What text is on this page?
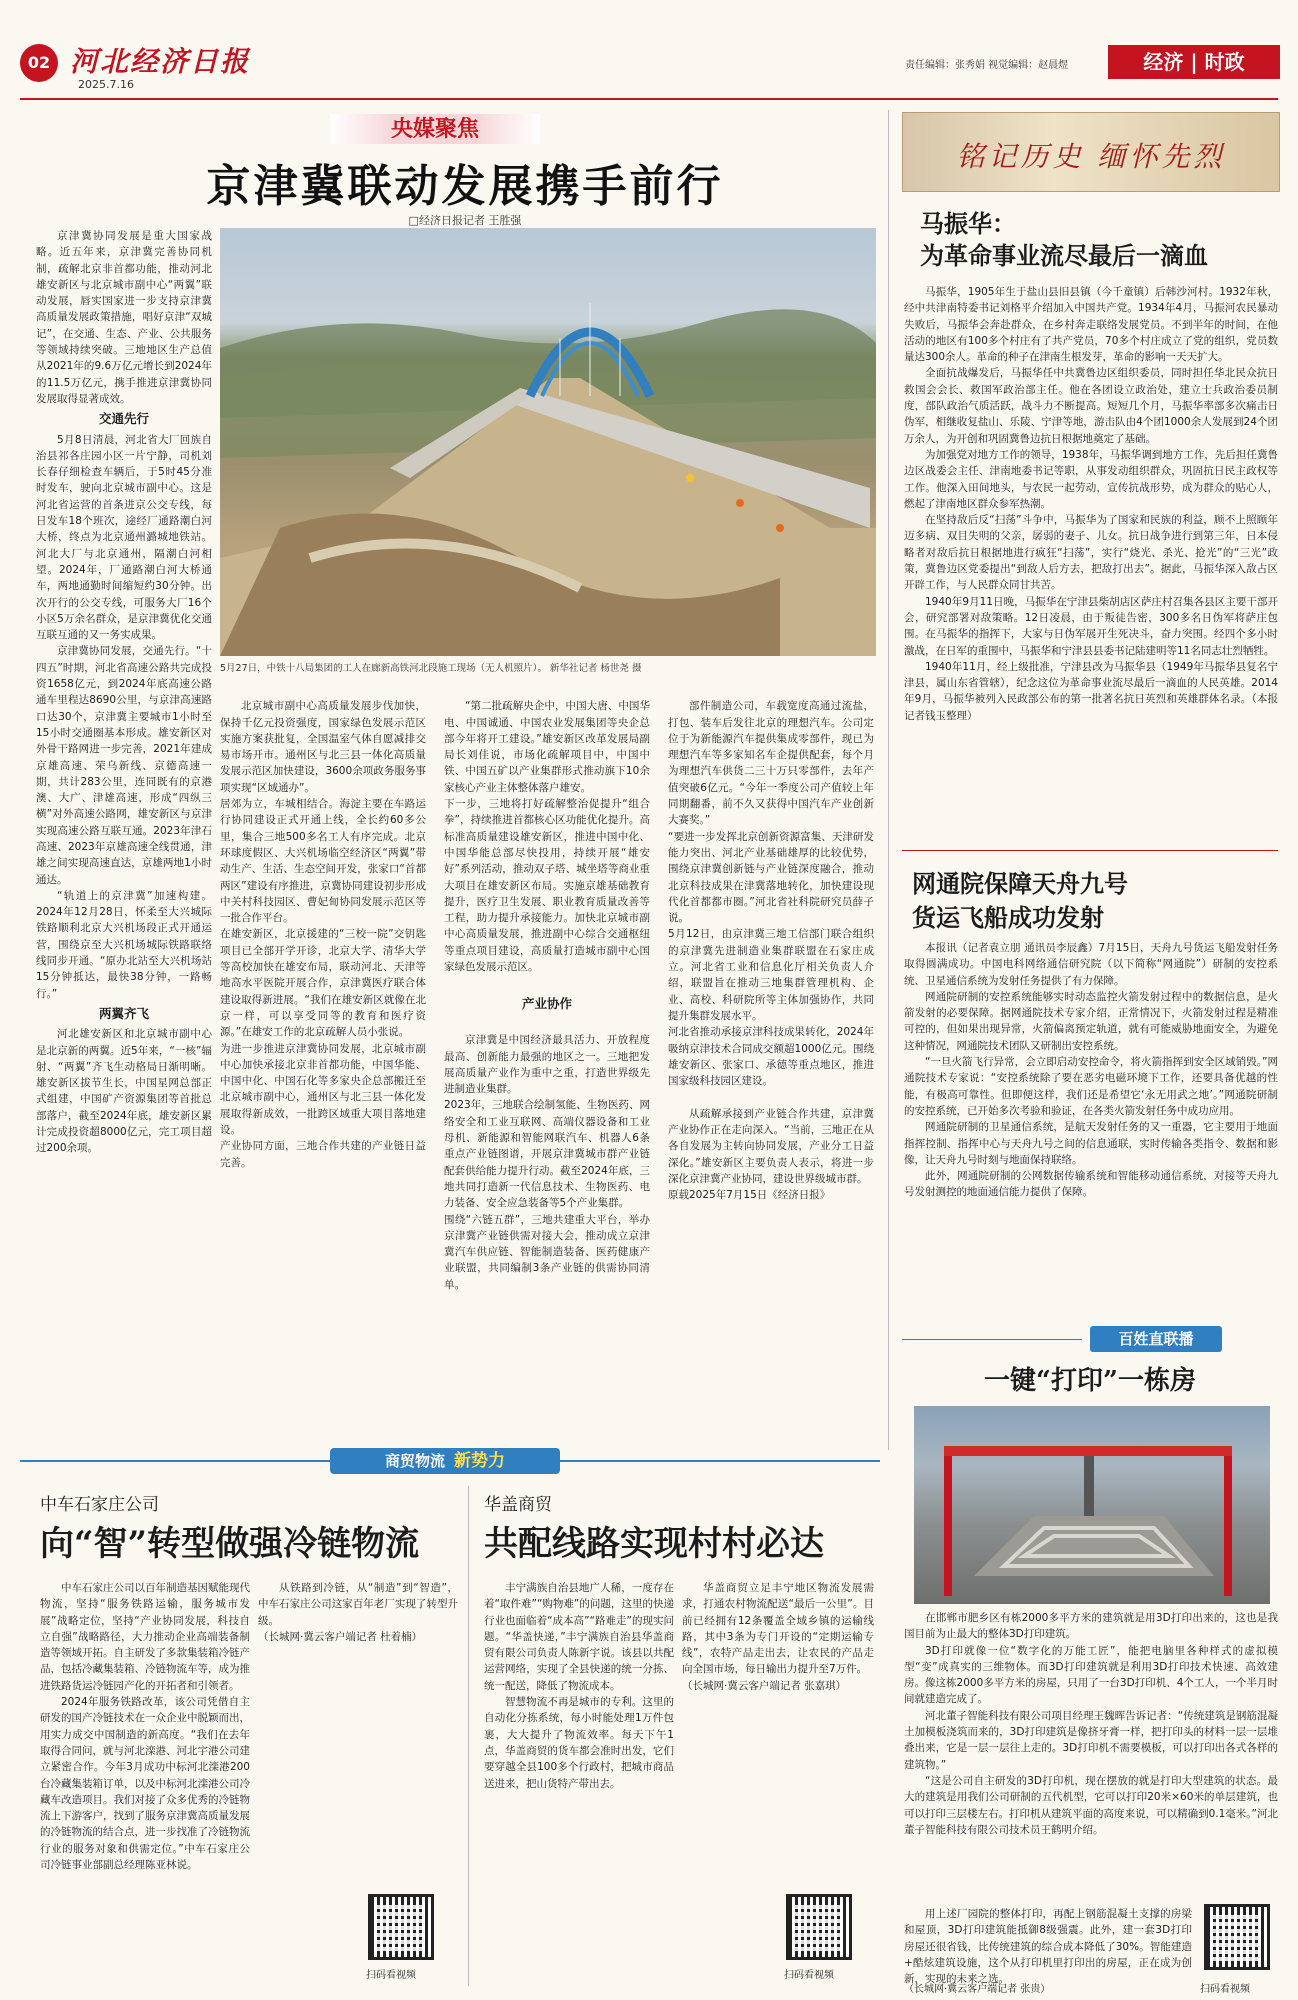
02 河北经济日报
2025.7.16
责任编辑：张秀娟 视觉编辑：赵晨煜	经济 | 时政
央媒聚焦
京津冀联动发展携手前行
□经济日报记者 王胜强

京津冀协同发展是重大国家战略。近五年来，京津冀完善协同机制，疏解北京非首都功能，推动河北雄安新区与北京城市副中心“两翼”联动发展，唇实国家进一步支持京津冀高质量发展政策措施，唱好京津“双城记”，在交通、生态、产业、公共服务等领域持续突破。三地地区生产总值从2021年的9.6万亿元增长到2024年的11.5万亿元，携手推进京津冀协同发展取得显著成效。

交通先行

5月8日清晨，河北省大厂回族自治县祁各庄园小区一片宁静，司机刘长春仔细检查车辆后，于5时45分准时发车，驶向北京城市副中心。这是河北省运营的首条进京公交专线，每日发车18个班次，途经厂通路潮白河大桥，终点为北京通州潞城地铁站。河北大厂与北京通州，隔潮白河相望。2024年，厂通路潮白河大桥通车，两地通勤时间缩短约30分钟。出次开行的公交专线，可服务大厂16个小区5万余名群众，是京津冀优化交通互联互通的又一务实成果。

京津冀协同发展，交通先行。“十四五”时期，河北省高速公路共完成投资1658亿元，到2024年底高速公路通车里程达8690公里，与京津高速路口达30个，京津冀主要城市1小时至15小时交通圈基本形成。雄安新区对外骨干路网进一步完善，2021年建成京雄高速、荣乌新线、京德高速一期，共计283公里，连同既有的京港澳、大广、津雄高速，形成“四纵三横”对外高速公路网，雄安新区与京津实现高速公路互联互通。2023年津石高速、2023年京雄高速全线贯通，津雄之间实现高速直达，京雄两地1小时通达。

“轨道上的京津冀”加速构建。2024年12月28日，怀柔至大兴城际铁路顺利北京大兴机场段正式开通运营，围绕京至大兴机场城际铁路联络线同步开通。“原办北站至大兴机场站15分钟抵达，最快38分钟，一路畅行。”

两翼齐飞

河北雄安新区和北京城市副中心是北京新的两翼。近5年来，“一核”辐射、“两翼”齐飞生动格局日渐明晰。雄安新区拔节生长，中国星网总部正式组建，中国矿产资源集团等首批总部落户，截至2024年底，雄安新区累计完成投资超8000亿元，完工项目超过200余项。

5月27日，中铁十八局集团的工人在廊新高铁河北段施工现场（无人机照片）。 新华社记者 杨世尧 摄

北京城市副中心高质量发展步伐加快，保持千亿元投资强度，国家绿色发展示范区实施方案获批复，全国温室气体自愿减排交易市场开市。通州区与北三县一体化高质量发展示范区加快建设，3600余项政务服务事项实现“区域通办”。
居郊为立，车城相结合。海淀主要在车路运行协同建设正式开通上线，全长约60多公里，集合三地500多名工人有序完成。北京环球度假区、大兴机场临空经济区“两翼”带动生产、生活、生态空间开发，张家口“首都两区”建设有序推进，京冀协同建设初步形成中关村科技园区、曹妃甸协同发展示范区等一批合作平台。
在雄安新区，北京援建的“三校一院”交钥匙项目已全部开学开诊，北京大学、清华大学等高校加快在雄安布局，联动河北、天津等地高水平医院开展合作，京津冀医疗联合体建设取得新进展。“我们在雄安新区就像在北京一样，可以享受同等的教育和医疗资源。”在雄安工作的北京疏解人员小张说。
为进一步推进京津冀协同发展，北京城市副中心加快承接北京非首都功能，中国华能、中国中化、中国石化等多家央企总部搬迁至北京城市副中心，通州区与北三县一体化发展取得新成效，一批跨区域重大项目落地建设。
产业协同方面，三地合作共建的产业链日益完善。

“第二批疏解央企中，中国大唐、中国华电、中国诚通、中国农业发展集团等央企总部今年将开工建设。”雄安新区改革发展局副局长刘佳说，市场化疏解项目中，中国中铁、中国五矿以产业集群形式推动旗下10余家核心产业主体整体落户雄安。
下一步，三地将打好疏解整治促提升“组合拳”，持续推进首都核心区功能优化提升。高标准高质量建设雄安新区，推进中国中化、中国华能总部尽快投用，持续开展“雄安好”系列活动，推动双子塔、城坐塔等商业重大项目在雄安新区布局。实施京雄基础教育提升，医疗卫生发展、职业教育质量改善等工程，助力提升承接能力。加快北京城市副中心高质量发展，推进副中心综合交通枢纽等重点项目建设，高质量打造城市副中心国家绿色发展示范区。

产业协作

京津冀是中国经济最具活力、开放程度最高、创新能力最强的地区之一。三地把发展高质量产业作为重中之重，打造世界级先进制造业集群。
2023年，三地联合绘制氢能、生物医药、网络安全和工业互联网、高端仪器设备和工业母机、新能源和智能网联汽车、机器人6条重点产业链图谱，开展京津冀城市群产业链配套供给能力提升行动。截至2024年底，三地共同打造新一代信息技术、生物医药、电力装备、安全应急装备等5个产业集群。
围绕“六链五群”，三地共建重大平台，举办京津冀产业链供需对接大会，推动成立京津冀汽车供应链、智能制造装备、医药健康产业联盟，共同编制3条产业链的供需协同清单。

部件制造公司，车载宽度高通过流盐，打包、装车后发往北京的理想汽车。公司定位于为新能源汽车提供集成零部件，现已为理想汽车等多家知名车企提供配套，每个月为理想汽车供货二三十万只零部件，去年产值突破6亿元。“今年一季度公司产值较上年同期翻番，前不久又获得中国汽车产业创新大赛奖。”
“要进一步发挥北京创新资源富集、天津研发能力突出、河北产业基础雄厚的比较优势，围绕京津冀创新链与产业链深度融合，推动北京科技成果在津冀落地转化，加快建设现代化首都都市圈。”河北省社科院研究员薛子说。
5月12日，由京津冀三地工信部门联合组织的京津冀先进制造业集群联盟在石家庄成立。河北省工业和信息化厅相关负责人介绍，联盟旨在推动三地集群管理机构、企业、高校、科研院所等主体加强协作，共同提升集群发展水平。
河北省推动承接京津科技成果转化，2024年吸纳京津技术合同成交额超1000亿元。围绕雄安新区、张家口、承德等重点地区，推进国家级科技园区建设。

从疏解承接到产业链合作共建，京津冀产业协作正在走向深入。“当前，三地正在从各自发展为主转向协同发展，产业分工日益深化。”雄安新区主要负责人表示，将进一步深化京津冀产业协同，建设世界级城市群。
原载2025年7月15日《经济日报》

铭记历史 缅怀先烈
马振华：
为革命事业流尽最后一滴血

马振华，1905年生于盐山县旧县镇（今千童镇）后韩沙河村。1932年秋，经中共津南特委书记刘格平介绍加入中国共产党。1934年4月，马振河农民暴动失败后，马振华会奔赴群众，在乡村奔走联络发展党员。不到半年的时间，在他活动的地区有100多个村庄有了共产党员，70多个村庄成立了党的组织，党员数量达300余人。革命的种子在津南生根发芽，革命的影响一天天扩大。

全面抗战爆发后，马振华任中共冀鲁边区组织委员，同时担任华北民众抗日救国会会长、救国军政治部主任。他在各团设立政治处，建立士兵政治委员制度，部队政治气质活跃，战斗力不断提高。短短几个月，马振华率部多次痛击日伪军，相继收复盐山、乐陵、宁津等地，游击队由4个团1000余人发展到24个团万余人，为开创和巩固冀鲁边抗日根据地奠定了基础。

为加强党对地方工作的领导，1938年，马振华调到地方工作，先后担任冀鲁边区战委会主任、津南地委书记等职，从事发动组织群众，巩固抗日民主政权等工作。他深入田间地头，与农民一起劳动，宣传抗战形势，成为群众的贴心人，燃起了津南地区群众参军热潮。

在坚持敌后反“扫荡”斗争中，马振华为了国家和民族的利益，顾不上照顾年迈多病、双目失明的父亲，孱弱的妻子、儿女。抗日战争进行到第三年，日本侵略者对敌后抗日根据地进行疯狂“扫荡”，实行“烧光、杀光、抢光”的“三光”政策，冀鲁边区党委提出“到敌人后方去，把敌打出去”。据此，马振华深入敌占区开辟工作，与人民群众同甘共苦。

1940年9月11日晚，马振华在宁津县柴胡店区萨庄村召集各县区主要干部开会，研究部署对敌策略。12日凌晨，由于叛徒告密，300多名日伪军将萨庄包围。在马振华的指挥下，大家与日伪军展开生死决斗，奋力突围。经四个多小时激战，在日军的重围中，马振华和宁津县县委书记陆建明等11名同志壮烈牺牲。

1940年11月，经上级批准，宁津县改为马振华县（1949年马振华县复名宁津县，属山东省管辖），纪念这位为革命事业流尽最后一滴血的人民英雄。2014年9月，马振华被列入民政部公布的第一批著名抗日英烈和英雄群体名录。（本报记者钱玉整理）

网通院保障天舟九号
货运飞船成功发射

本报讯（记者袁立朋 通讯员李辰鑫）7月15日，天舟九号货运飞船发射任务取得圆满成功。中国电科网络通信研究院（以下简称“网通院”）研制的安控系统、卫星通信系统为发射任务提供了有力保障。

网通院研制的安控系统能够实时动态监控火箭发射过程中的数据信息，是火箭发射的必要保障。据网通院技术专家介绍，正常情况下，火箭发射过程是精准可控的，但如果出现异常，火箭偏离预定轨道，就有可能威胁地面安全，为避免这种情况，网通院技术团队又研制出安控系统。

“一旦火箭飞行异常，会立即启动安控命令，将火箭指挥到安全区域销毁。”网通院技术专家说：“安控系统除了要在恶劣电磁环境下工作，还要具备优越的性能，有极高可靠性。但即便这样，我们还是希望它‘永无用武之地’。”网通院研制的安控系统，已开始多次考验和验证，在各类火箭发射任务中成功应用。

网通院研制的卫星通信系统，是航天发射任务的又一重器，它主要用于地面指挥控制、指挥中心与天舟九号之间的信息通联，实时传输各类指令、数据和影像，让天舟九号时刻与地面保持联络。

此外，网通院研制的公网数据传输系统和智能移动通信系统，对接等天舟九号发射测控的地面通信能力提供了保障。

百姓直联播
一键“打印”一栋房

在邯郸市肥乡区有栋2000多平方米的建筑就是用3D打印出来的，这也是我国目前为止最大的整体3D打印建筑。

3D打印就像一位“数字化的万能工匠”，能把电脑里各种样式的虚拟模型“变”成真实的三维物体。而3D打印建筑就是利用3D打印技术快速、高效建房。像这栋2000多平方米的房屋，只用了一台3D打印机、4个工人，一个半月时间就建造完成了。

河北董子智能科技有限公司项目经理王魏晖告诉记者：“传统建筑是钢筋混凝土加模板浇筑而来的，3D打印建筑是像挤牙膏一样，把打印头的材料一层一层堆叠出来，它是一层一层往上走的。3D打印机不需要模板，可以打印出各式各样的建筑物。”

“这是公司自主研发的3D打印机，现在摆放的就是打印大型建筑的状态。最大的建筑是用我们公司研制的五代机型，它可以打印20米×60米的单层建筑，也可以打印三层楼左右。打印机从建筑平面的高度来说，可以精确到0.1毫米。”河北董子智能科技有限公司技术员王鹤明介绍。

用上述厂园院的整体打印，再配上钢筋混凝土支撑的房梁和屋顶，3D打印建筑能抵御8级强震。此外，建一套3D打印房屋还很省钱，比传统建筑的综合成本降低了30%。智能建造+酷炫建筑设施，这个从打印机里打印出的房屋，正在成为创新，实现的未来之选。

（长城网·冀云客户端记者 张贵）	扫码看视频
商贸物流 新势力
中车石家庄公司
向“智”转型做强冷链物流

中车石家庄公司以百年制造基因赋能现代物流，坚持“服务铁路运输，服务城市发展”战略定位，坚持“产业协同发展，科技自立自强”战略路径，大力推动企业高端装备制造等领域开拓。自主研发了多款集装箱冷链产品，包括冷藏集装箱、冷链物流车等，成为推进铁路货运冷链园产化的开拓者和引领者。

2024年服务铁路改革，该公司凭借自主研发的国产冷链技术在一众企业中脱颖而出，用实力成交中国制造的新高度。“我们在去年取得合同问，就与河北滦港、河北宇港公司建立紧密合作。今年3月成功中标河北滦港200台冷藏集装箱订单，以及中标河北滦港公司冷藏车改造项目。我们对接了众多优秀的冷链物流上下游客户，找到了服务京津冀高质量发展的冷链物流的结合点，进一步找准了冷链物流行业的服务对象和供需定位。”中车石家庄公司冷链事业部副总经理陈亚林说。

从铁路到冷链，从“制造”到“智造”，中车石家庄公司这家百年老厂实现了转型升级。

（长城网·冀云客户端记者 杜着楠）

扫码看视频
华盖商贸
共配线路实现村村必达

丰宁满族自治县地广人稀，一度存在着“取件难”“购物难”的问题，这里的快递行业也面临着“成本高”“路难走”的现实问题。“华盖快递，”丰宁满族自治县华盖商贸有限公司负责人陈新宇说。该县以共配运营网络，实现了全县快递的统一分拣、统一配送，降低了物流成本。

智慧物流不再是城市的专利。这里的自动化分拣系统，每小时能处理1万件包裹，大大提升了物流效率。每天下午1点，华盖商贸的货车都会准时出发，它们要穿越全县100多个行政村，把城市商品送进来，把山货特产带出去。

华盖商贸立足丰宁地区物流发展需求，打通农村物流配送“最后一公里”。目前已经拥有12条覆盖全域乡镇的运输线路，其中3条为专门开设的“定期运输专线”，农特产品走出去，让农民的产品走向全国市场，每日输出力提升至7万件。

（长城网·冀云客户端记者 张嘉琪）

扫码看视频
